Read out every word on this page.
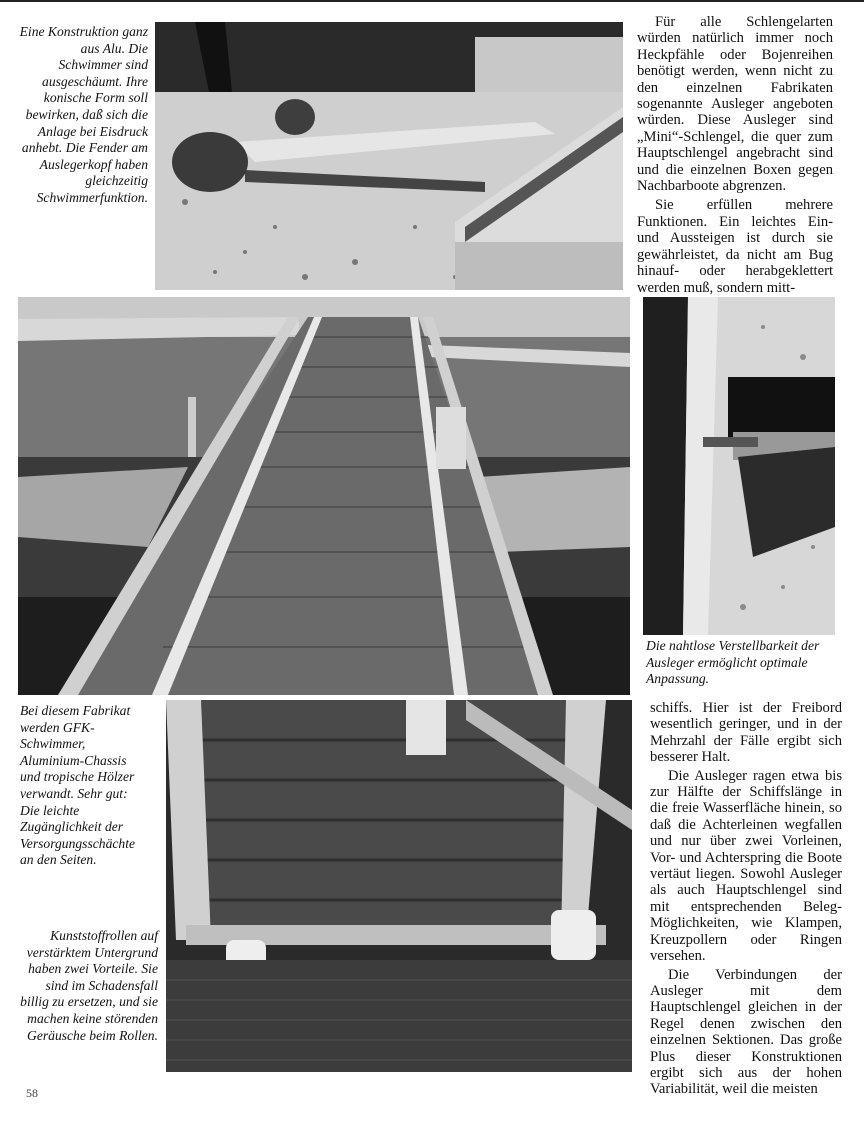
Eine Konstruktion ganz aus Alu. Die Schwimmer sind ausgeschäumt. Ihre konische Form soll bewirken, daß sich die Anlage bei Eisdruck anhebt. Die Fender am Auslegerkopf haben gleichzeitig Schwimmerfunktion.

Für alle Schlengelarten würden natürlich immer noch Heckpfähle oder Bojenreihen benötigt werden, wenn nicht zu den einzelnen Fabrikaten sogenannte Ausleger angeboten würden. Diese Ausleger sind „Mini“-Schlengel, die quer zum Hauptschlengel angebracht sind und die einzelnen Boxen gegen Nachbarboote abgrenzen.

Sie erfüllen mehrere Funktionen. Ein leichtes Ein- und Aussteigen ist durch sie gewährleistet, da nicht am Bug hinauf- oder herabgeklettert werden muß, sondern mitt-

Die nahtlose Verstellbarkeit der Ausleger ermöglicht optimale Anpassung.
Bei diesem Fabrikat werden GFK-Schwimmer, Aluminium-Chassis und tropische Hölzer verwandt. Sehr gut: Die leichte Zugänglichkeit der Versorgungsschächte an den Seiten.
Kunststoffrollen auf verstärktem Untergrund haben zwei Vorteile. Sie sind im Schadensfall billig zu ersetzen, und sie machen keine störenden Geräusche beim Rollen.

schiffs. Hier ist der Freibord wesentlich geringer, und in der Mehrzahl der Fälle ergibt sich besserer Halt.

Die Ausleger ragen etwa bis zur Hälfte der Schiffslänge in die freie Wasserfläche hinein, so daß die Achterleinen wegfallen und nur über zwei Vorleinen, Vor- und Achterspring die Boote vertäut liegen. Sowohl Ausleger als auch Hauptschlengel sind mit entsprechenden Beleg-Möglichkeiten, wie Klampen, Kreuzpollern oder Ringen versehen.

Die Verbindungen der Ausleger mit dem Hauptschlengel gleichen in der Regel denen zwischen den einzelnen Sektionen. Das große Plus dieser Konstruktionen ergibt sich aus der hohen Variabilität, weil die meisten

58
